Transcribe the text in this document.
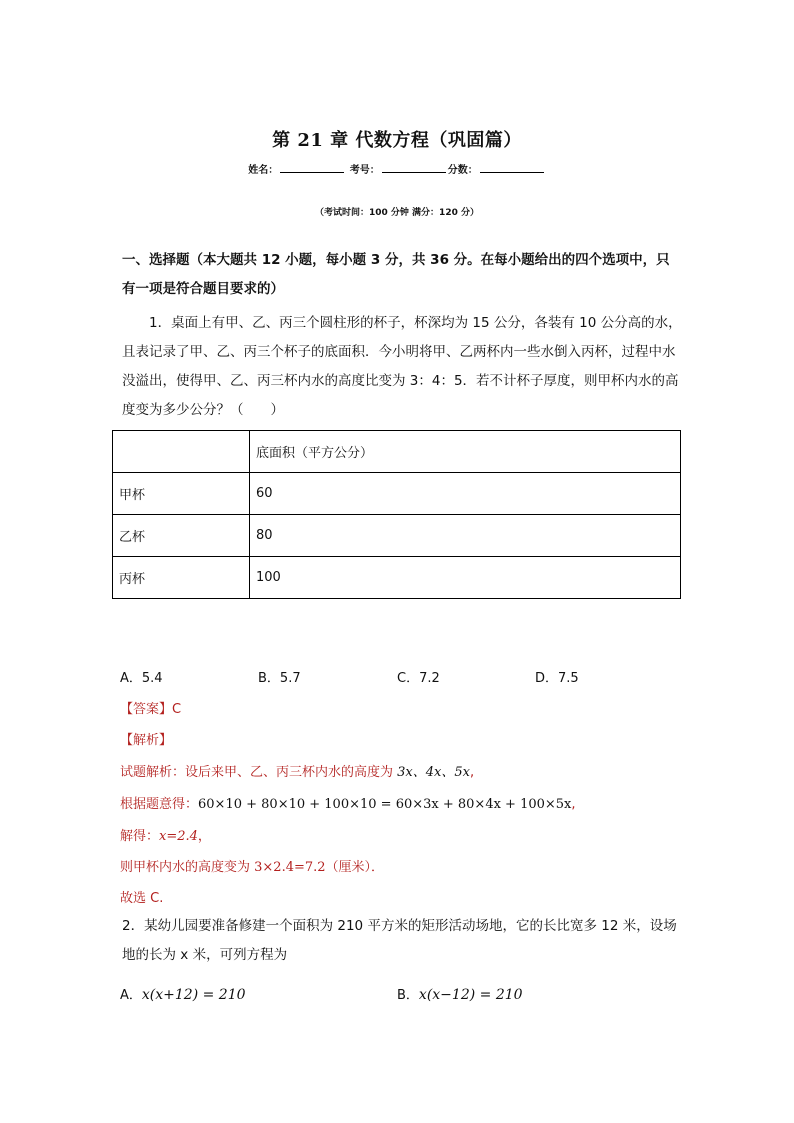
第 21 章 代数方程（巩固篇）
姓名：	考号：	分数：
（考试时间：100 分钟 满分：120 分）
一、选择题（本大题共 12 小题，每小题 3 分，共 36 分。在每小题给出的四个选项中，只有一项是符合题目要求的）
1．桌面上有甲、乙、丙三个圆柱形的杯子，杯深均为 15 公分，各装有 10 公分高的水，且表记录了甲、乙、丙三个杯子的底面积．今小明将甲、乙两杯内一些水倒入丙杯，过程中水没溢出，使得甲、乙、丙三杯内水的高度比变为 3：4：5．若不计杯子厚度，则甲杯内水的高度变为多少公分？（　　）
	底面积（平方公分）
甲杯	60
乙杯	80
丙杯	100
A．5.4	B．5.7	C．7.2	D．7.5
【答案】C
【解析】
试题解析：设后来甲、乙、丙三杯内水的高度为 3x、4x、5x,
根据题意得：60×10 + 80×10 + 100×10 = 60×3x + 80×4x + 100×5x,
解得：x=2.4，
则甲杯内水的高度变为 3×2.4=7.2（厘米）．
故选 C.
2．某幼儿园要准备修建一个面积为 210 平方米的矩形活动场地，它的长比宽多 12 米，设场地的长为 x 米，可列方程为
A．x(x+12) = 210	B．x(x−12) = 210
